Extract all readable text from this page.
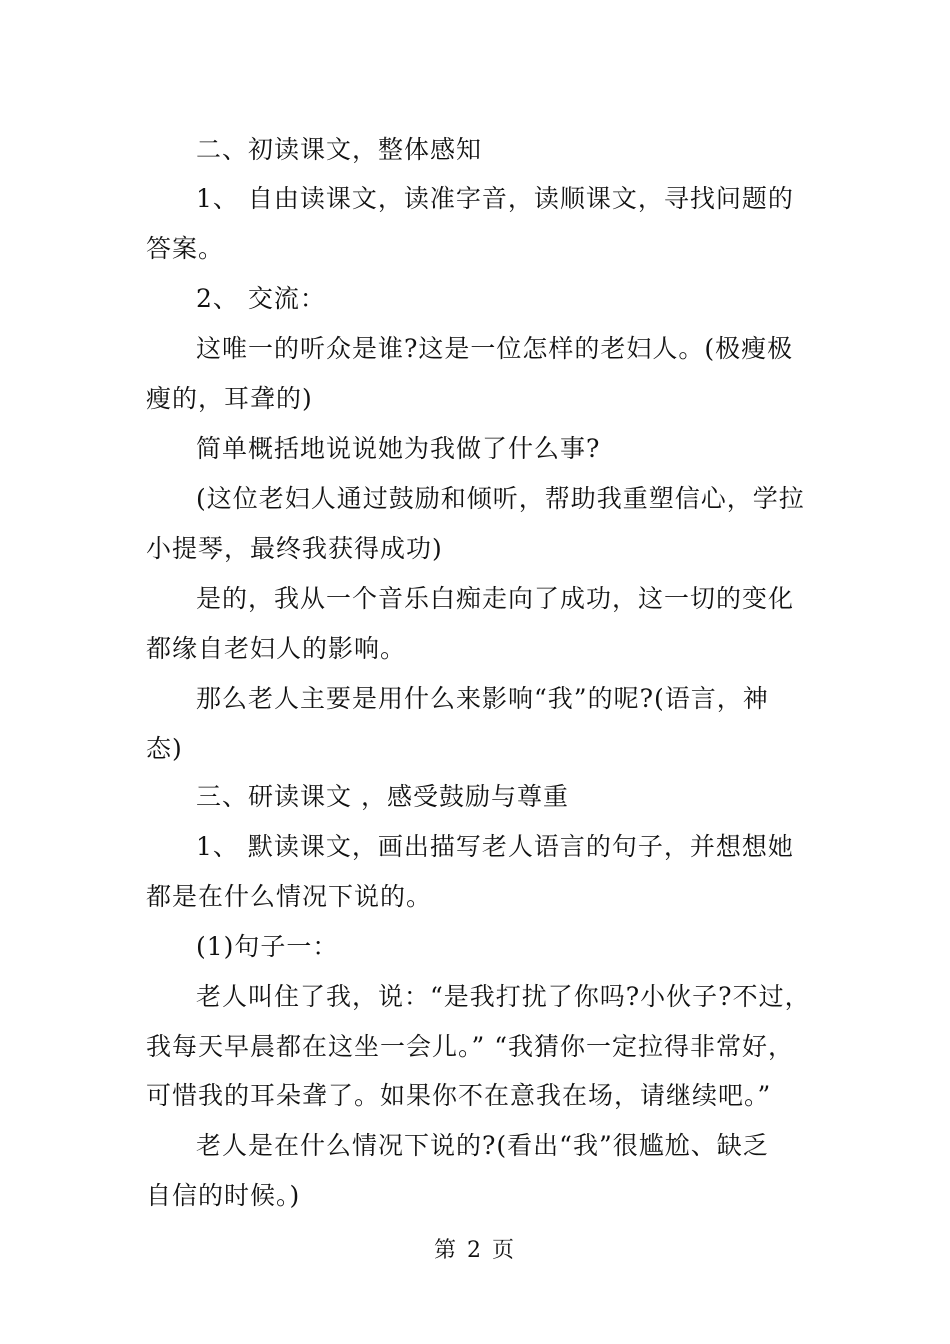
二、初读课文，整体感知
1、 自由读课文，读准字音，读顺课文，寻找问题的
答案。
2、 交流：
这唯一的听众是谁?这是一位怎样的老妇人。(极瘦极
瘦的，耳聋的)
简单概括地说说她为我做了什么事?
(这位老妇人通过鼓励和倾听，帮助我重塑信心，学拉
小提琴，最终我获得成功)
是的，我从一个音乐白痴走向了成功，这一切的变化
都缘自老妇人的影响。
那么老人主要是用什么来影响“我”的呢?(语言，神
态)
三、研读课文 ，感受鼓励与尊重
1、 默读课文，画出描写老人语言的句子，并想想她
都是在什么情况下说的。
(1)句子一：
老人叫住了我，说：“是我打扰了你吗?小伙子?不过，
我每天早晨都在这坐一会儿。” “我猜你一定拉得非常好，
可惜我的耳朵聋了。如果你不在意我在场，请继续吧。”
老人是在什么情况下说的?(看出“我”很尴尬、缺乏
自信的时候。)
第 2 页
